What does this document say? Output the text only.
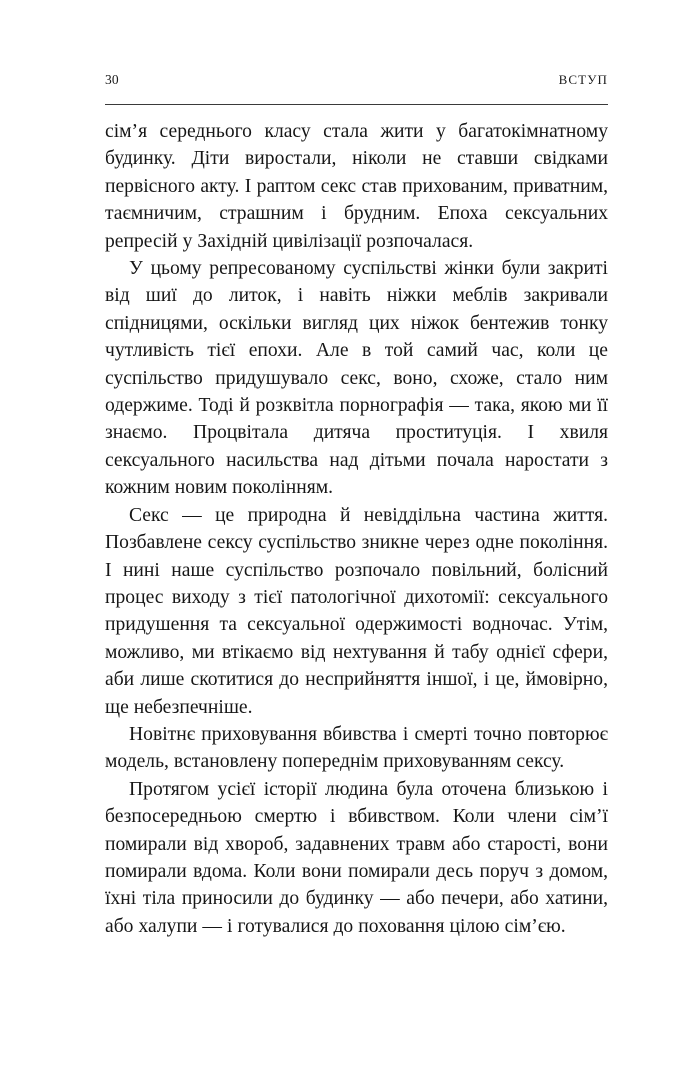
30	ВСТУП

сім’я середнього класу стала жити у багатокімнатному будинку. Діти виростали, ніколи не ставши свідками первісного акту. І раптом секс став прихованим, приватним, таємничим, страшним і брудним. Епоха сексуальних репресій у Західній цивілізації розпочалася.

У цьому репресованому суспільстві жінки були закриті від шиї до литок, і навіть ніжки меблів закривали спідницями, оскільки вигляд цих ніжок бентежив тонку чутливість тієї епохи. Але в той самий час, коли це суспільство придушувало секс, воно, схоже, стало ним одержиме. Тоді й розквітла порнографія — така, якою ми її знаємо. Процвітала дитяча проституція. І хвиля сексуального насильства над дітьми почала наростати з кожним новим поколінням.

Секс — це природна й невіддільна частина життя. Позбавлене сексу суспільство зникне через одне покоління. І нині наше суспільство розпочало повільний, болісний процес виходу з тієї патологічної дихотомії: сексуального придушення та сексуальної одержимості водночас. Утім, можливо, ми втікаємо від нехтування й табу однієї сфери, аби лише скотитися до несприйняття іншої, і це, ймовірно, ще небезпечніше.

Новітнє приховування вбивства і смерті точно повторює модель, встановлену попереднім приховуванням сексу.

Протягом усієї історії людина була оточена близькою і безпосередньою смертю і вбивством. Коли члени сім’ї помирали від хвороб, задавнених травм або старості, вони помирали вдома. Коли вони помирали десь поруч з домом, їхні тіла приносили до будинку — або печери, або хатини, або халупи — і готувалися до поховання цілою сім’єю.
